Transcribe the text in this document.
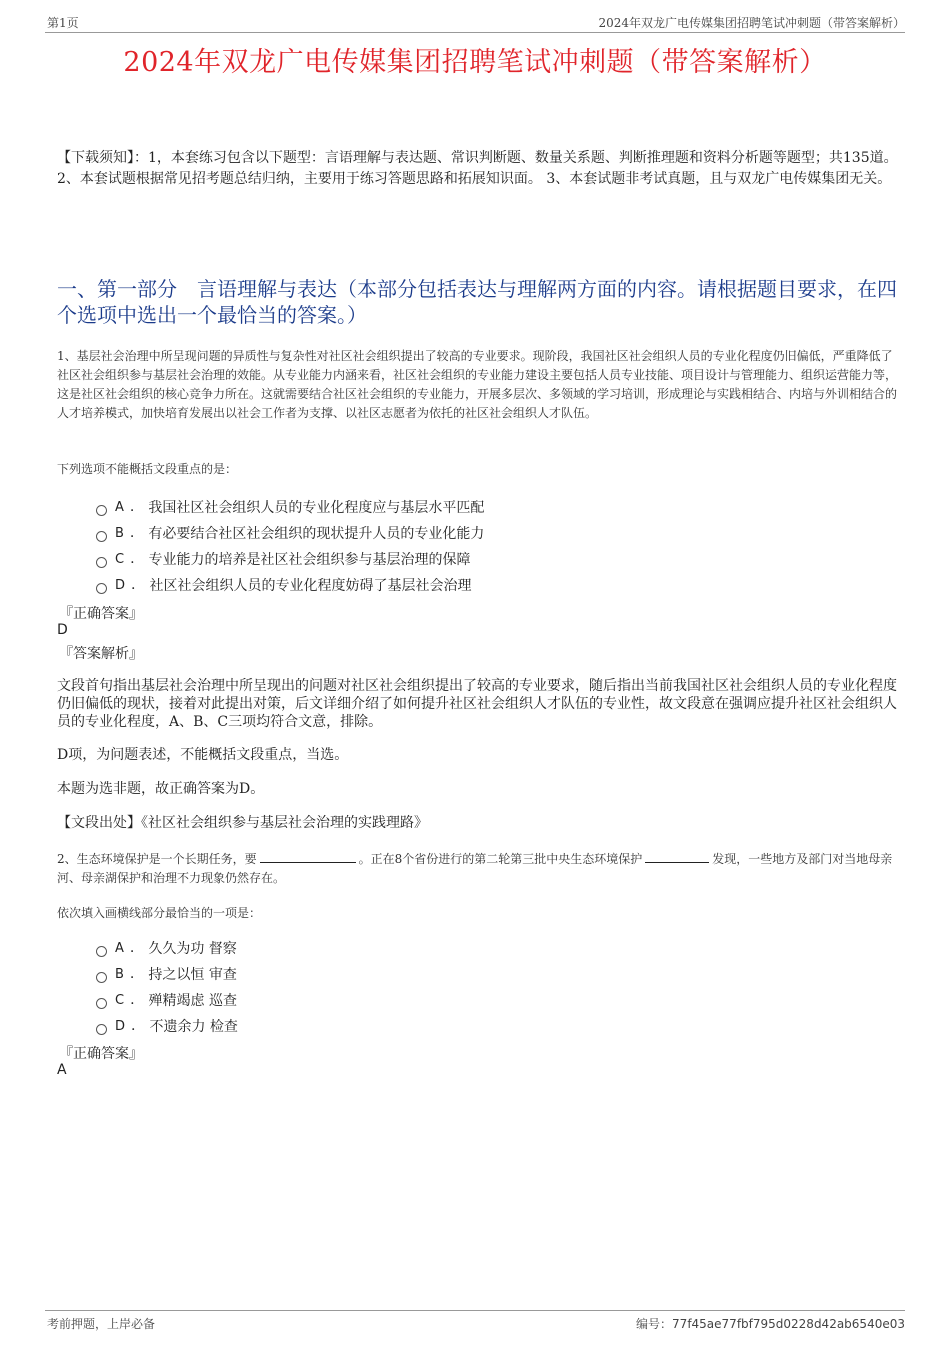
第1页	2024年双龙广电传媒集团招聘笔试冲刺题（带答案解析）
2024年双龙广电传媒集团招聘笔试冲刺题（带答案解析）
【下载须知】：1，本套练习包含以下题型：言语理解与表达题、常识判断题、数量关系题、判断推理题和资料分析题等题型；共135道。 2、本套试题根据常见招考题总结归纳，主要用于练习答题思路和拓展知识面。 3、本套试题非考试真题，且与双龙广电传媒集团无关。
一、第一部分　言语理解与表达（本部分包括表达与理解两方面的内容。请根据题目要求，在四个选项中选出一个最恰当的答案。）
1、基层社会治理中所呈现问题的异质性与复杂性对社区社会组织提出了较高的专业要求。现阶段，我国社区社会组织人员的专业化程度仍旧偏低，严重降低了社区社会组织参与基层社会治理的效能。从专业能力内涵来看，社区社会组织的专业能力建设主要包括人员专业技能、项目设计与管理能力、组织运营能力等，这是社区社会组织的核心竞争力所在。这就需要结合社区社会组织的专业能力，开展多层次、多领域的学习培训，形成理论与实践相结合、内培与外训相结合的人才培养模式，加快培育发展出以社会工作者为支撑、以社区志愿者为依托的社区社会组织人才队伍。
下列选项不能概括文段重点的是：
A . 我国社区社会组织人员的专业化程度应与基层水平匹配
B . 有必要结合社区社会组织的现状提升人员的专业化能力
C . 专业能力的培养是社区社会组织参与基层治理的保障
D . 社区社会组织人员的专业化程度妨碍了基层社会治理
『正确答案』
D
『答案解析』
文段首句指出基层社会治理中所呈现出的问题对社区社会组织提出了较高的专业要求，随后指出当前我国社区社会组织人员的专业化程度仍旧偏低的现状，接着对此提出对策，后文详细介绍了如何提升社区社会组织人才队伍的专业性，故文段意在强调应提升社区社会组织人员的专业化程度，A、B、C三项均符合文意，排除。
D项，为问题表述，不能概括文段重点，当选。
本题为选非题，故正确答案为D。
【文段出处】《社区社会组织参与基层社会治理的实践理路》
2、生态环境保护是一个长期任务，要	。正在8个省份进行的第二轮第三批中央生态环境保护	发现，一些地方及部门对当地母亲河、母亲湖保护和治理不力现象仍然存在。
依次填入画横线部分最恰当的一项是：
A . 久久为功 督察
B . 持之以恒 审查
C . 殚精竭虑 巡查
D . 不遗余力 检查
『正确答案』
A
考前押题，上岸必备	编号：77f45ae77fbf795d0228d42ab6540e03
